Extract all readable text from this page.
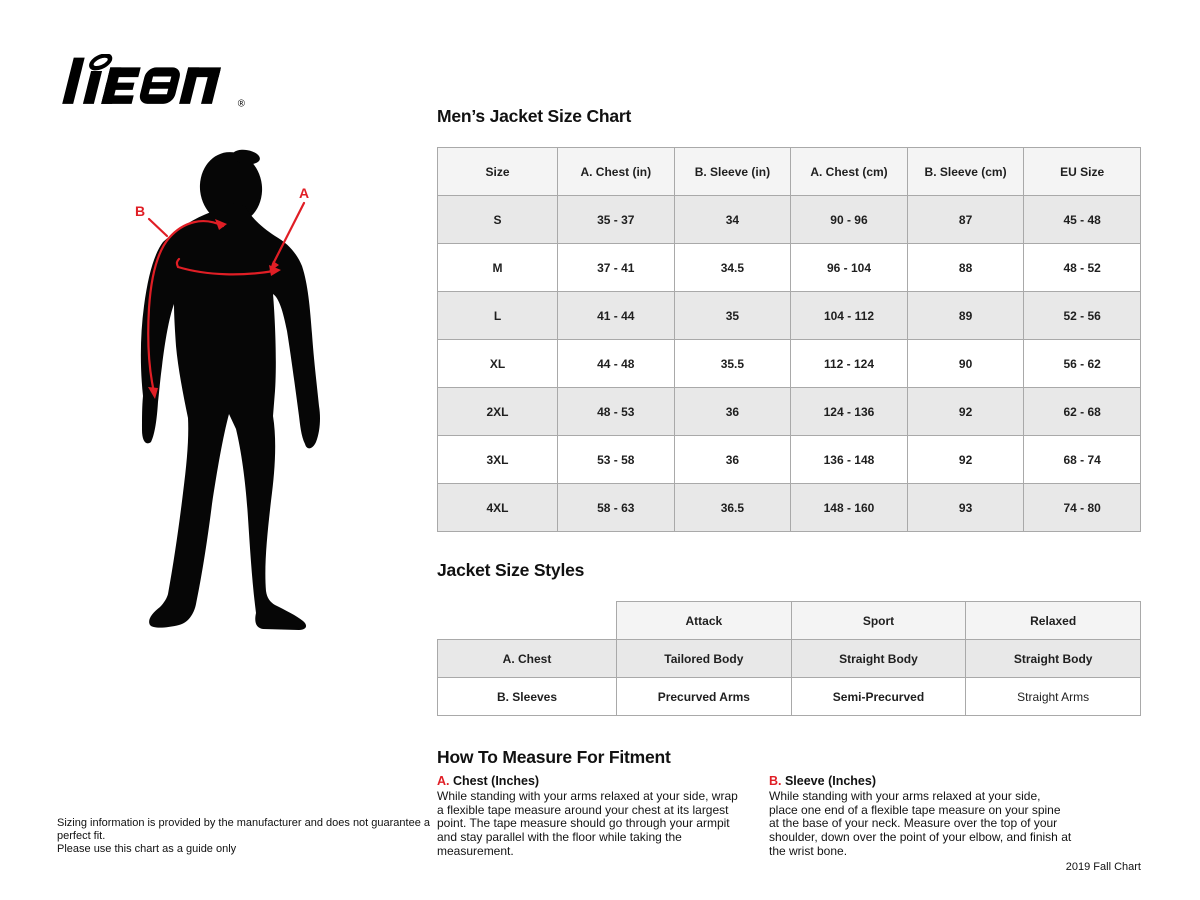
®
A
B
Men’s Jacket Size Chart
Size	A. Chest (in)	B. Sleeve (in)	A. Chest (cm)	B. Sleeve (cm)	EU Size
S	35 - 37	34	90 - 96	87	45 - 48
M	37 - 41	34.5	96 - 104	88	48 - 52
L	41 - 44	35	104 - 112	89	52 - 56
XL	44 - 48	35.5	112 - 124	90	56 - 62
2XL	48 - 53	36	124 - 136	92	62 - 68
3XL	53 - 58	36	136 - 148	92	68 - 74
4XL	58 - 63	36.5	148 - 160	93	74 - 80
Jacket Size Styles
	Attack	Sport	Relaxed
A. Chest	Tailored Body	Straight Body	Straight Body
B. Sleeves	Precurved Arms	Semi-Precurved	Straight Arms
How To Measure For Fitment
A. Chest (Inches)
While standing with your arms relaxed at your side, wrap a flexible tape measure around your chest at its largest point. The tape measure should go through your armpit and stay parallel with the floor while taking the measurement.
B. Sleeve (Inches)
While standing with your arms relaxed at your side, place one end of a flexible tape measure on your spine at the base of your neck. Measure over the top of your shoulder, down over the point of your elbow, and finish at the wrist bone.
Sizing information is provided by the manufacturer and does not guarantee a perfect fit.
Please use this chart as a guide only
2019 Fall Chart
